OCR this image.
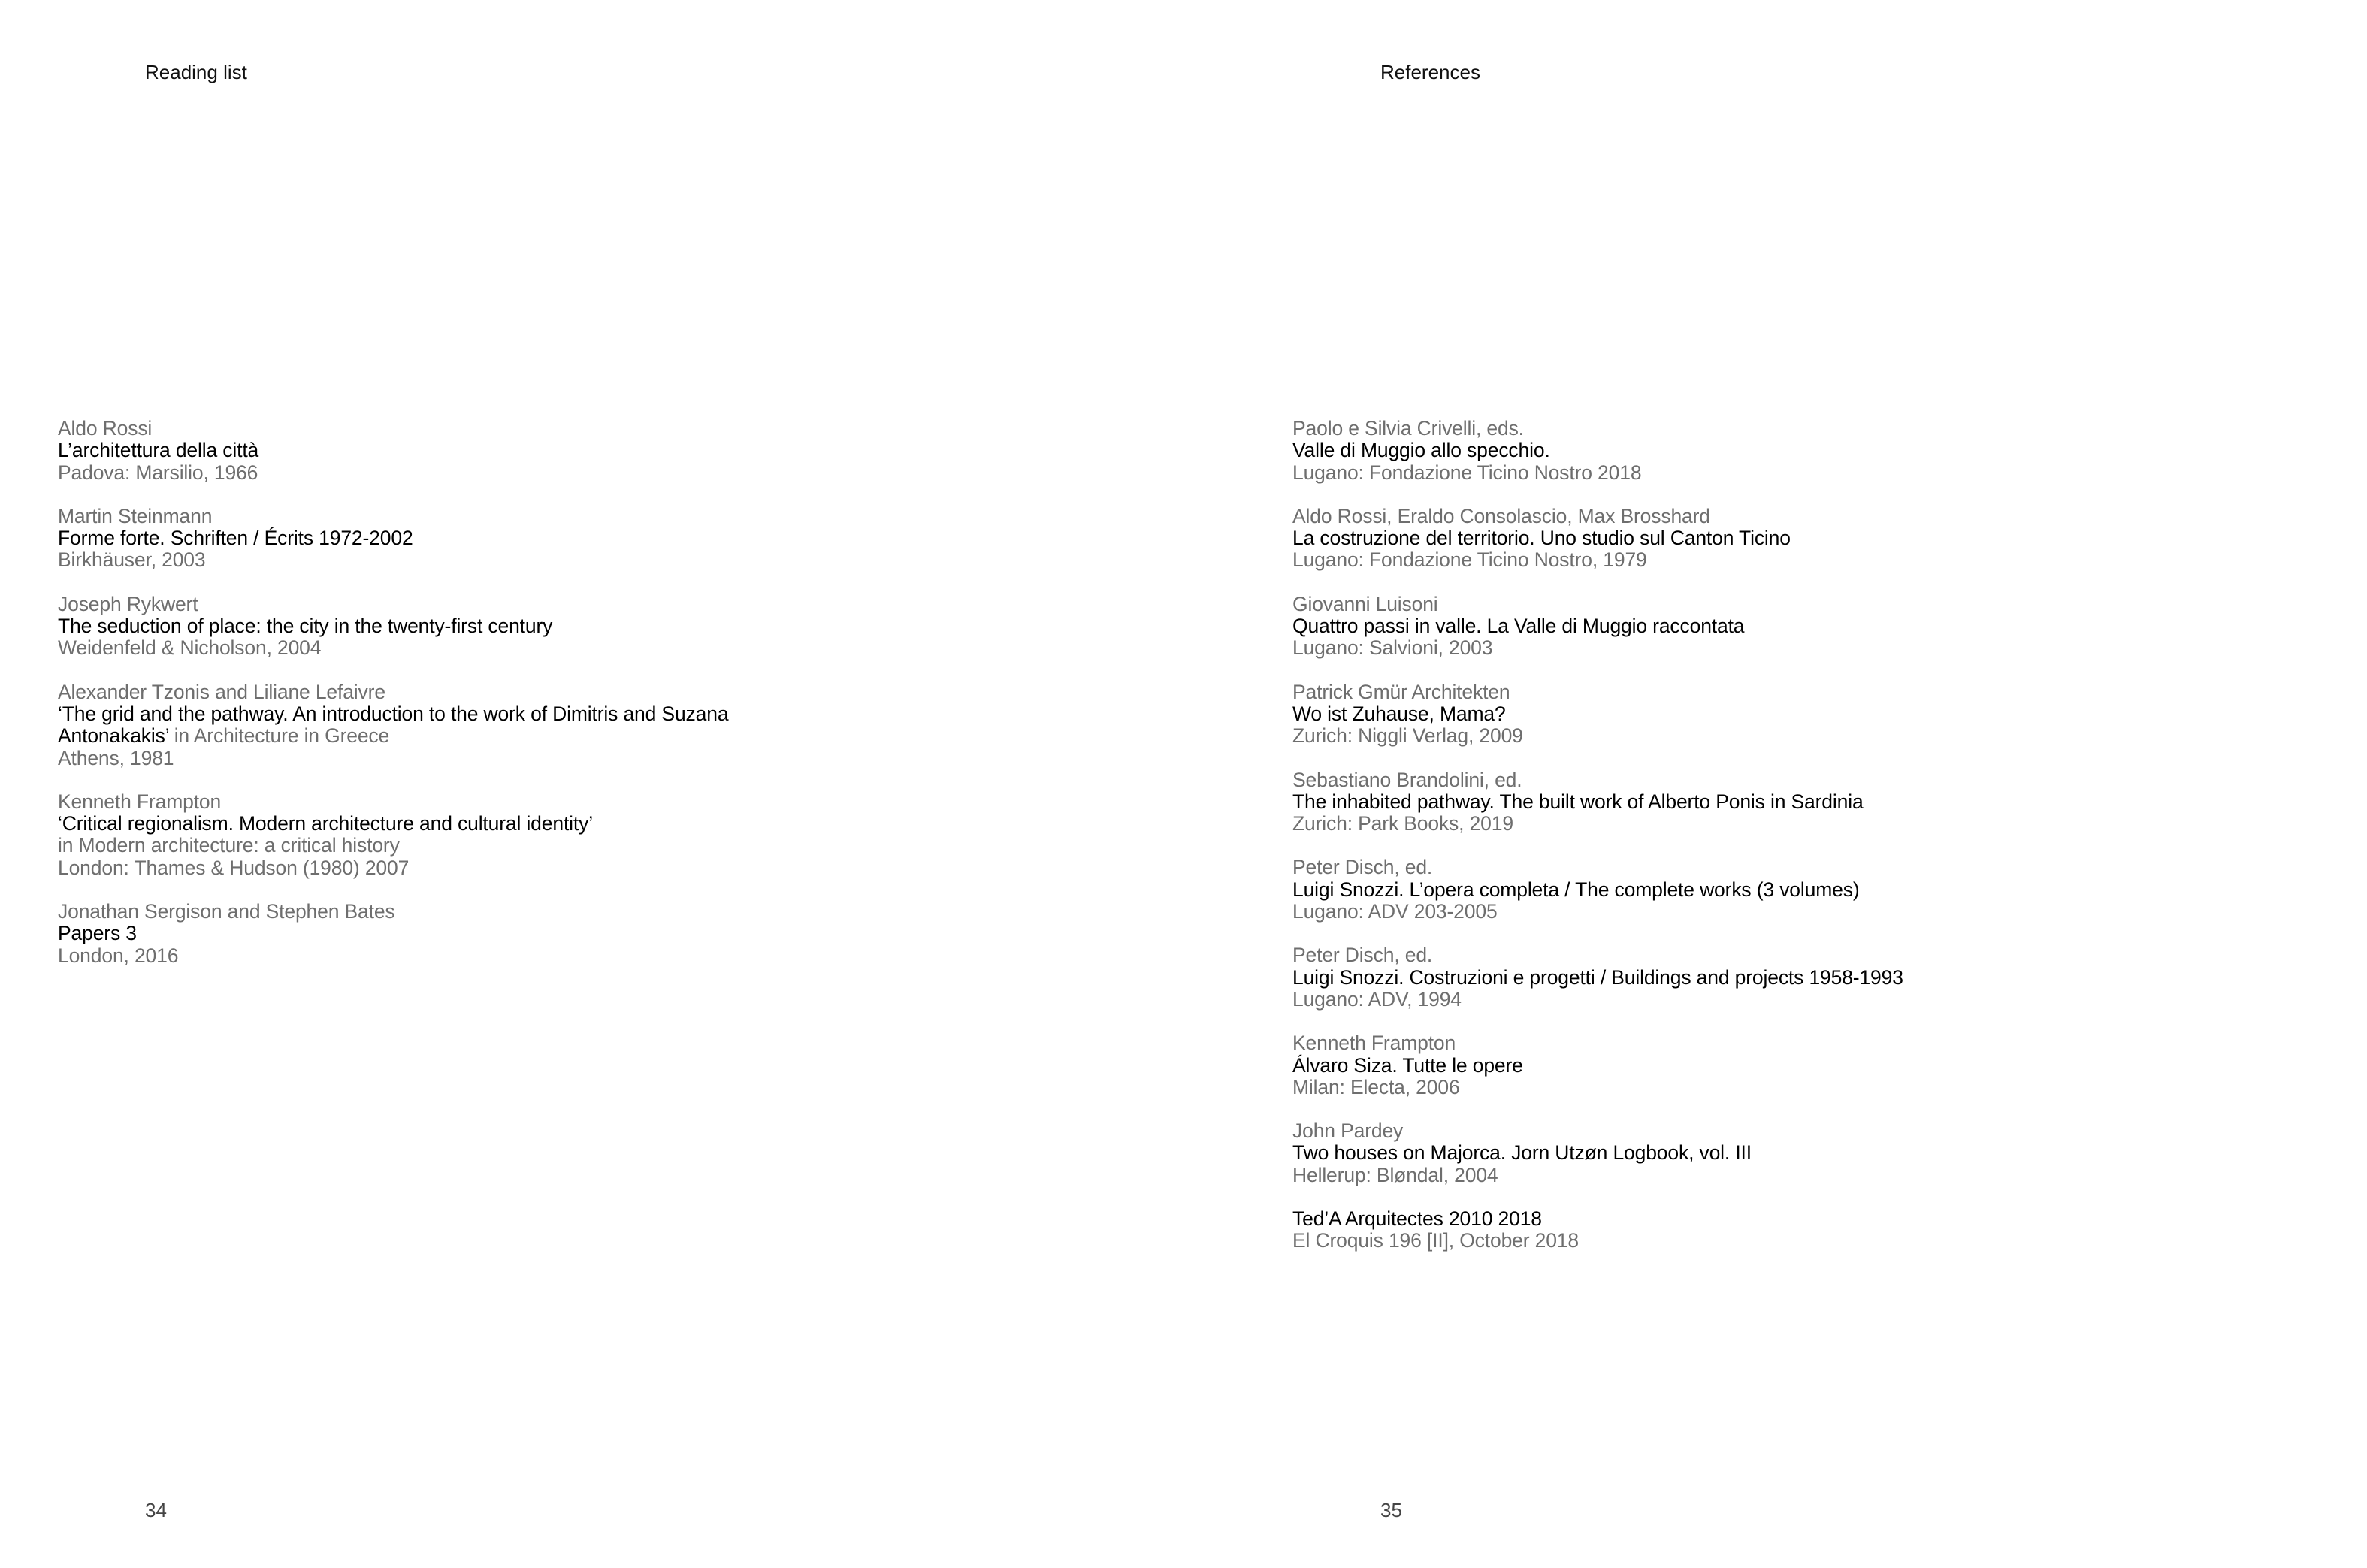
Reading list
Aldo Rossi
L’architettura della città
Padova: Marsilio, 1966
Martin Steinmann
Forme forte. Schriften / Écrits 1972-2002
Birkhäuser, 2003
Joseph Rykwert
The seduction of place: the city in the twenty-first century
Weidenfeld & Nicholson, 2004
Alexander Tzonis and Liliane Lefaivre
‘The grid and the pathway. An introduction to the work of Dimitris and Suzana
Antonakakis’ in Architecture in Greece
Athens, 1981
Kenneth Frampton
‘Critical regionalism. Modern architecture and cultural identity’
in Modern architecture: a critical history
London: Thames & Hudson (1980) 2007
Jonathan Sergison and Stephen Bates
Papers 3
London, 2016
34
References
Paolo e Silvia Crivelli, eds.
Valle di Muggio allo specchio.
Lugano: Fondazione Ticino Nostro 2018
Aldo Rossi, Eraldo Consolascio, Max Brosshard
La costruzione del territorio. Uno studio sul Canton Ticino
Lugano: Fondazione Ticino Nostro, 1979
Giovanni Luisoni
Quattro passi in valle. La Valle di Muggio raccontata
Lugano: Salvioni, 2003
Patrick Gmür Architekten
Wo ist Zuhause, Mama?
Zurich: Niggli Verlag, 2009
Sebastiano Brandolini, ed.
The inhabited pathway. The built work of Alberto Ponis in Sardinia
Zurich: Park Books, 2019
Peter Disch, ed.
Luigi Snozzi. L’opera completa / The complete works (3 volumes)
Lugano: ADV 203-2005
Peter Disch, ed.
Luigi Snozzi. Costruzioni e progetti / Buildings and projects 1958-1993
Lugano: ADV, 1994
Kenneth Frampton
Álvaro Siza. Tutte le opere
Milan: Electa, 2006
John Pardey
Two houses on Majorca. Jorn Utzøn Logbook, vol. III
Hellerup: Bløndal, 2004
Ted’A Arquitectes 2010 2018
El Croquis 196 [II], October 2018
35
